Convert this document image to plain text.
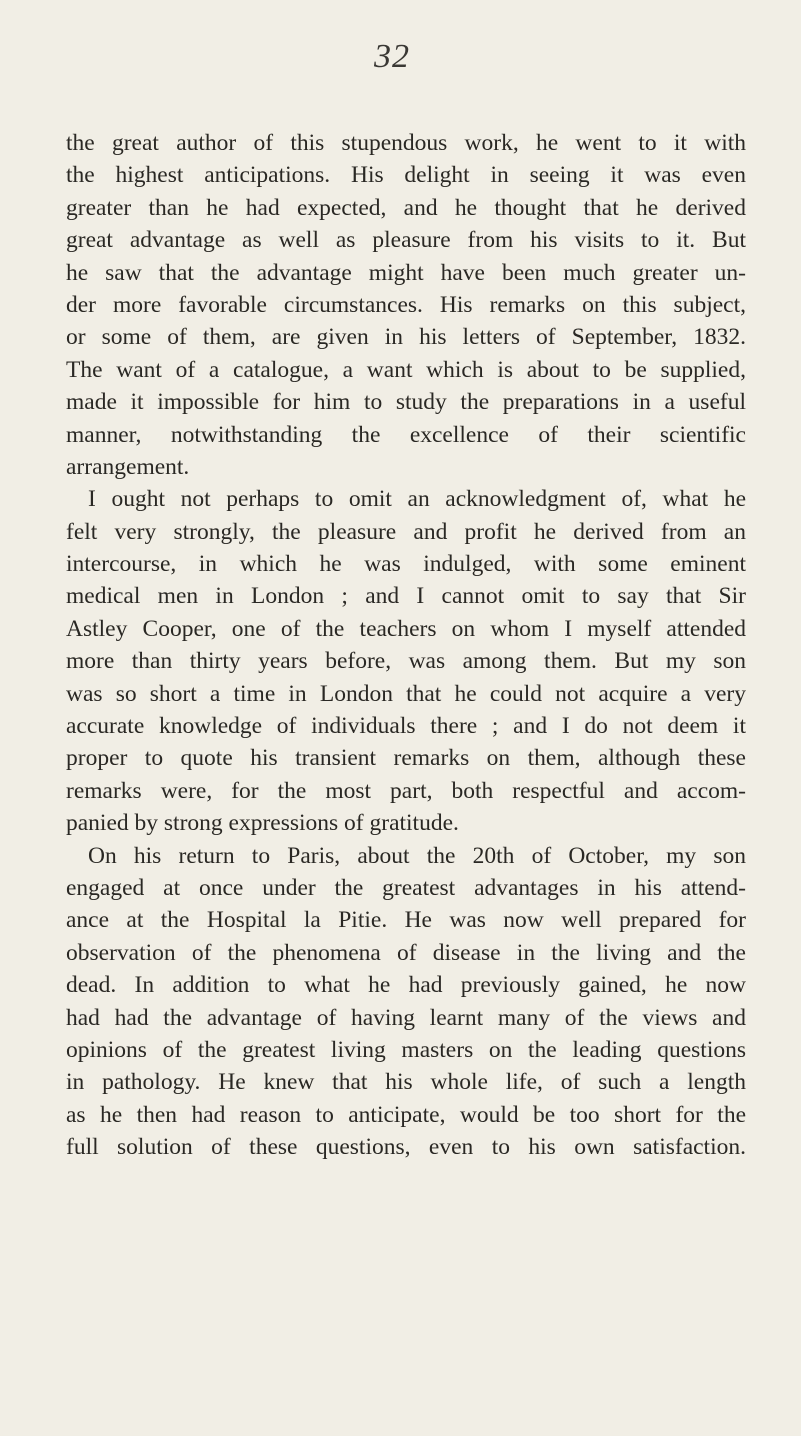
32
the great author of this stupendous work, he went to it with
the highest anticipations. His delight in seeing it was even
greater than he had expected, and he thought that he derived
great advantage as well as pleasure from his visits to it. But
he saw that the advantage might have been much greater un-
der more favorable circumstances. His remarks on this subject,
or some of them, are given in his letters of September, 1832.
The want of a catalogue, a want which is about to be supplied,
made it impossible for him to study the preparations in a useful
manner, notwithstanding the excellence of their scientific
arrangement.
I ought not perhaps to omit an acknowledgment of, what he
felt very strongly, the pleasure and profit he derived from an
intercourse, in which he was indulged, with some eminent
medical men in London ; and I cannot omit to say that Sir
Astley Cooper, one of the teachers on whom I myself attended
more than thirty years before, was among them. But my son
was so short a time in London that he could not acquire a very
accurate knowledge of individuals there ; and I do not deem it
proper to quote his transient remarks on them, although these
remarks were, for the most part, both respectful and accom-
panied by strong expressions of gratitude.
On his return to Paris, about the 20th of October, my son
engaged at once under the greatest advantages in his attend-
ance at the Hospital la Pitie. He was now well prepared for
observation of the phenomena of disease in the living and the
dead. In addition to what he had previously gained, he now
had had the advantage of having learnt many of the views and
opinions of the greatest living masters on the leading questions
in pathology. He knew that his whole life, of such a length
as he then had reason to anticipate, would be too short for the
full solution of these questions, even to his own satisfaction.
